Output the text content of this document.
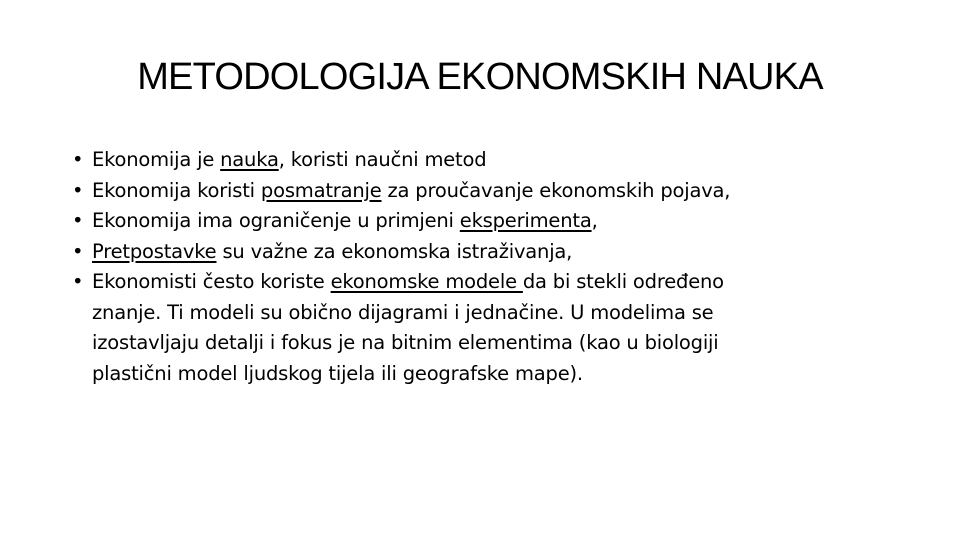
METODOLOGIJA EKONOMSKIH NAUKA
• Ekonomija je nauka, koristi naučni metod
• Ekonomija koristi posmatranje za proučavanje ekonomskih pojava,
• Ekonomija ima ograničenje u primjeni eksperimenta,
• Pretpostavke su važne za ekonomska istraživanja,
• Ekonomisti često koriste ekonomske modele da bi stekli određeno
znanje. Ti modeli su obično dijagrami i jednačine. U modelima se
izostavljaju detalji i fokus je na bitnim elementima (kao u biologiji
plastični model ljudskog tijela ili geografske mape).
